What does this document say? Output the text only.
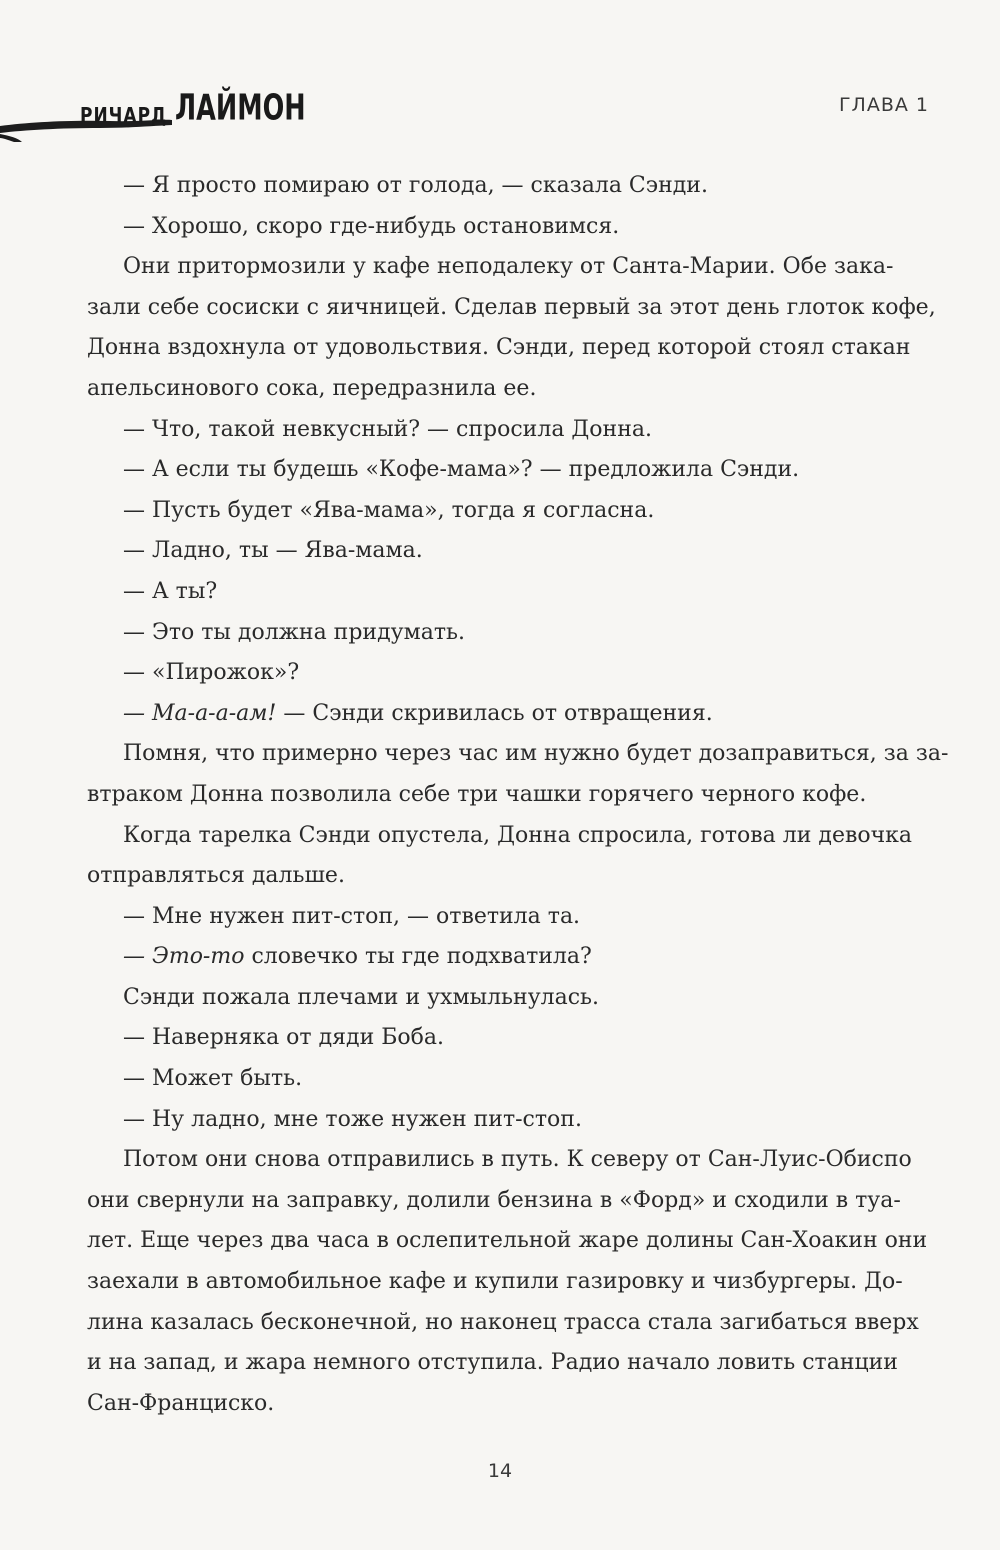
РИЧАРД ЛАЙМОН	ГЛАВА 1

— Я просто помираю от голода, — сказала Сэнди.

— Хорошо, скоро где-нибудь остановимся.

Они притормозили у кафе неподалеку от Санта-Марии. Обе зака-

зали себе сосиски с яичницей. Сделав первый за этот день глоток кофе,

Донна вздохнула от удовольствия. Сэнди, перед которой стоял стакан

апельсинового сока, передразнила ее.

— Что, такой невкусный? — спросила Донна.

— А если ты будешь «Кофе-мама»? — предложила Сэнди.

— Пусть будет «Ява-мама», тогда я согласна.

— Ладно, ты — Ява-мама.

— А ты?

— Это ты должна придумать.

— «Пирожок»?

— Ма-а-а-ам! — Сэнди скривилась от отвращения.

Помня, что примерно через час им нужно будет дозаправиться, за за-

втраком Донна позволила себе три чашки горячего черного кофе.

Когда тарелка Сэнди опустела, Донна спросила, готова ли девочка

отправляться дальше.

— Мне нужен пит-стоп, — ответила та.

— Это-то словечко ты где подхватила?

Сэнди пожала плечами и ухмыльнулась.

— Наверняка от дяди Боба.

— Может быть.

— Ну ладно, мне тоже нужен пит-стоп.

Потом они снова отправились в путь. К северу от Сан-Луис-Обиспо

они свернули на заправку, долили бензина в «Форд» и сходили в туа-

лет. Еще через два часа в ослепительной жаре долины Сан-Хоакин они

заехали в автомобильное кафе и купили газировку и чизбургеры. До-

лина казалась бесконечной, но наконец трасса стала загибаться вверх

и на запад, и жара немного отступила. Радио начало ловить станции

Сан-Франциско.

14
